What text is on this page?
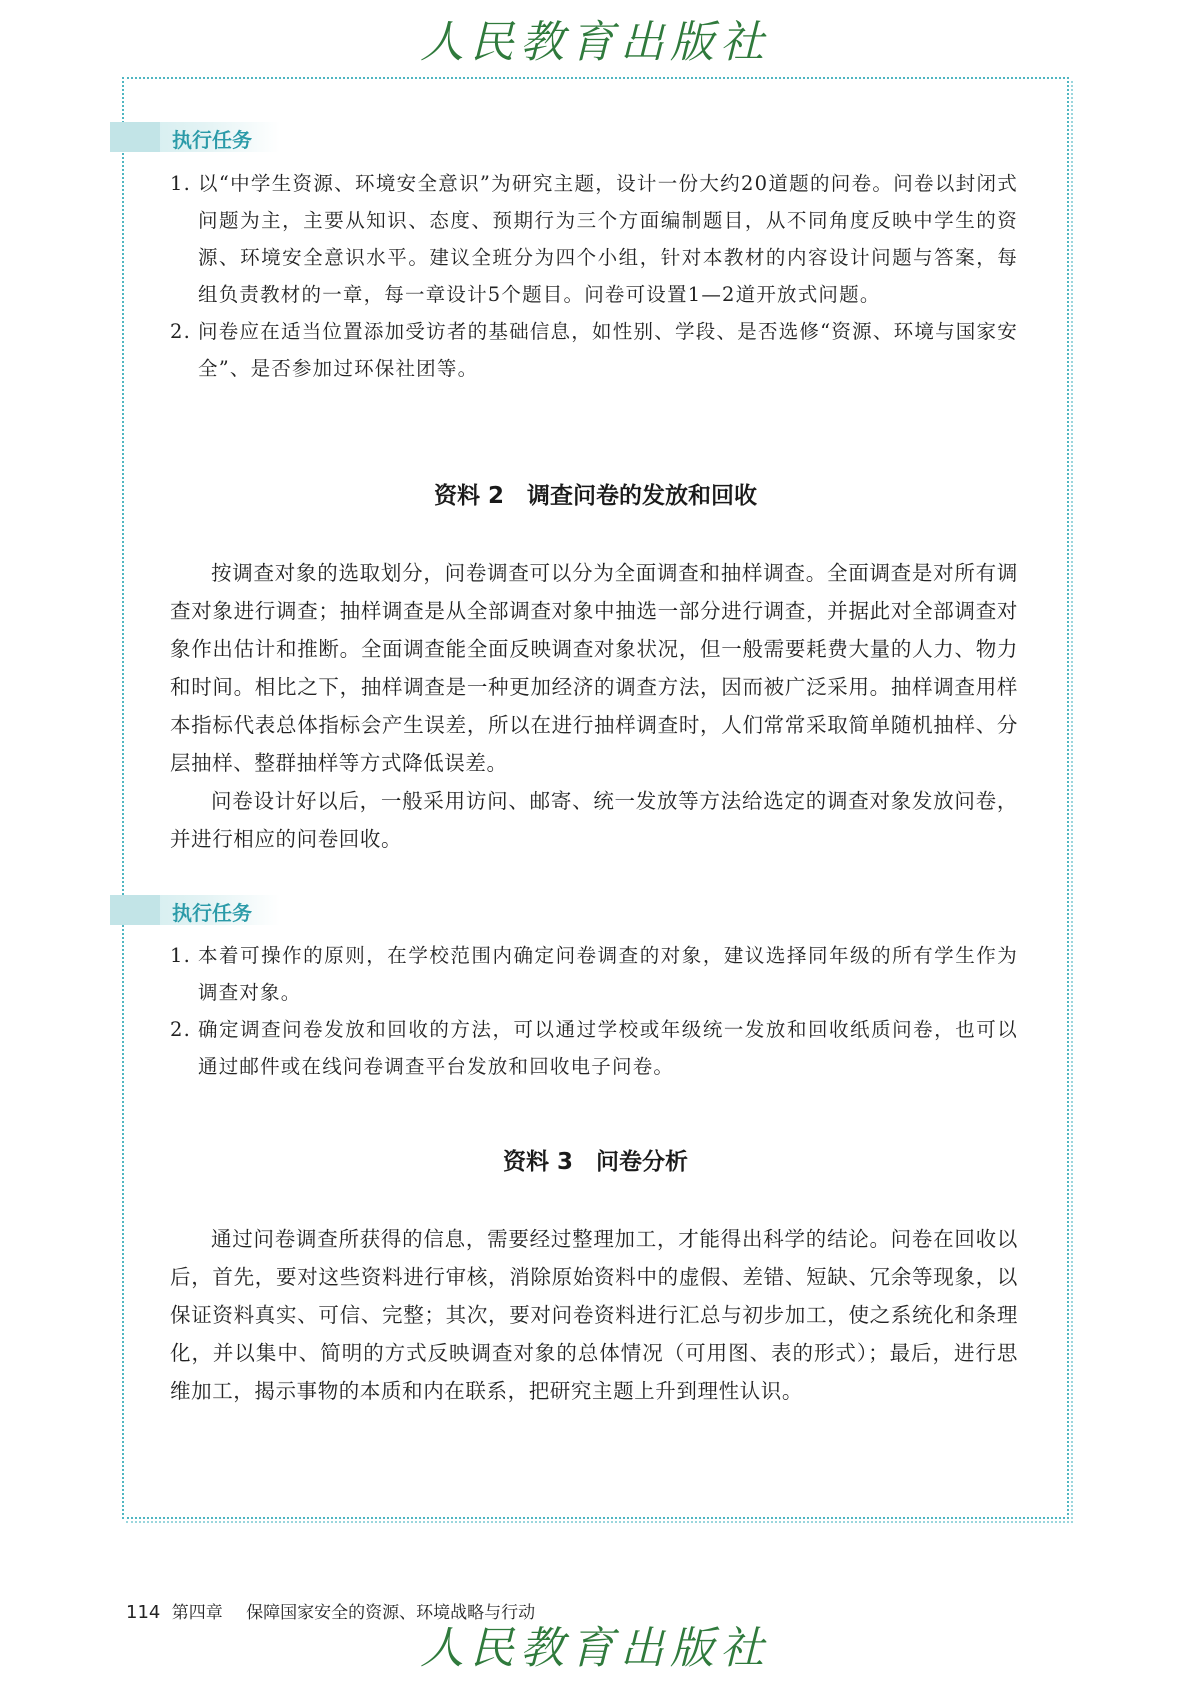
人民教育出版社
执行任务
1. 以“中学生资源、环境安全意识”为研究主题，设计一份大约20道题的问卷。问卷以封闭式问题为主，主要从知识、态度、预期行为三个方面编制题目，从不同角度反映中学生的资源、环境安全意识水平。建议全班分为四个小组，针对本教材的内容设计问题与答案，每组负责教材的一章，每一章设计5个题目。问卷可设置1—2道开放式问题。
2. 问卷应在适当位置添加受访者的基础信息，如性别、学段、是否选修“资源、环境与国家安全”、是否参加过环保社团等。
资料 2　调查问卷的发放和回收

按调查对象的选取划分，问卷调查可以分为全面调查和抽样调查。全面调查是对所有调查对象进行调查；抽样调查是从全部调查对象中抽选一部分进行调查，并据此对全部调查对象作出估计和推断。全面调查能全面反映调查对象状况，但一般需要耗费大量的人力、物力和时间。相比之下，抽样调查是一种更加经济的调查方法，因而被广泛采用。抽样调查用样本指标代表总体指标会产生误差，所以在进行抽样调查时，人们常常采取简单随机抽样、分层抽样、整群抽样等方式降低误差。

问卷设计好以后，一般采用访问、邮寄、统一发放等方法给选定的调查对象发放问卷，并进行相应的问卷回收。

执行任务
1. 本着可操作的原则，在学校范围内确定问卷调查的对象，建议选择同年级的所有学生作为调查对象。
2. 确定调查问卷发放和回收的方法，可以通过学校或年级统一发放和回收纸质问卷，也可以通过邮件或在线问卷调查平台发放和回收电子问卷。
资料 3　问卷分析

通过问卷调查所获得的信息，需要经过整理加工，才能得出科学的结论。问卷在回收以后，首先，要对这些资料进行审核，消除原始资料中的虚假、差错、短缺、冗余等现象，以保证资料真实、可信、完整；其次，要对问卷资料进行汇总与初步加工，使之系统化和条理化，并以集中、简明的方式反映调查对象的总体情况（可用图、表的形式）；最后，进行思维加工，揭示事物的本质和内在联系，把研究主题上升到理性认识。

114 第四章 保障国家安全的资源、环境战略与行动
人民教育出版社
